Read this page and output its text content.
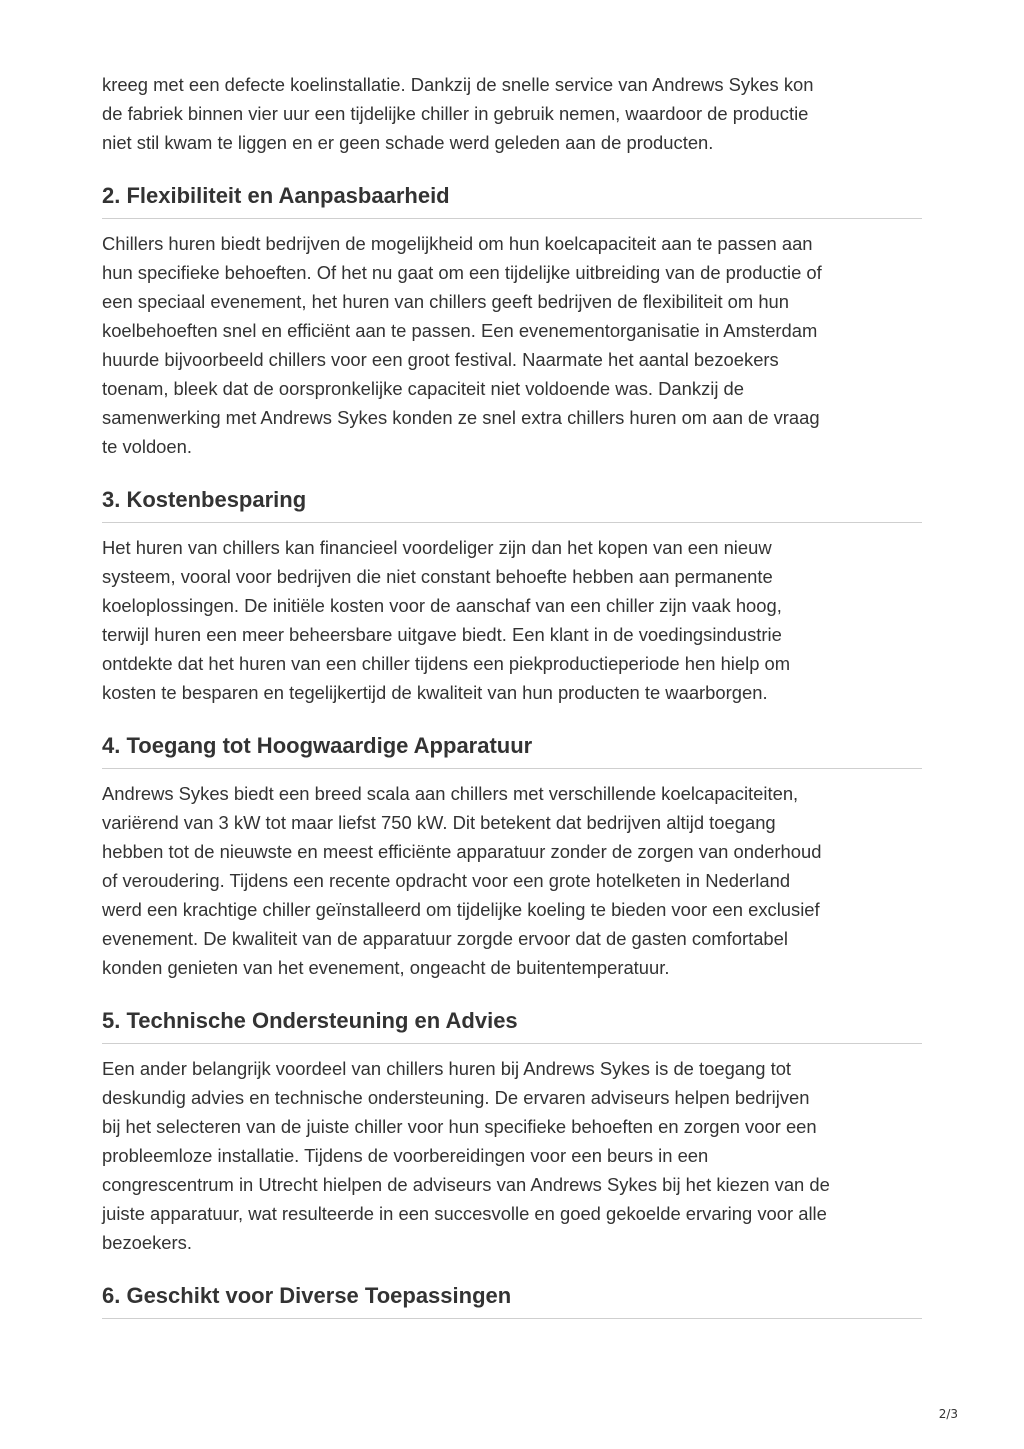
kreeg met een defecte koelinstallatie. Dankzij de snelle service van Andrews Sykes kon
de fabriek binnen vier uur een tijdelijke chiller in gebruik nemen, waardoor de productie
niet stil kwam te liggen en er geen schade werd geleden aan de producten.

2. Flexibiliteit en Aanpasbaarheid

Chillers huren biedt bedrijven de mogelijkheid om hun koelcapaciteit aan te passen aan
hun specifieke behoeften. Of het nu gaat om een tijdelijke uitbreiding van de productie of
een speciaal evenement, het huren van chillers geeft bedrijven de flexibiliteit om hun
koelbehoeften snel en efficiënt aan te passen. Een evenementorganisatie in Amsterdam
huurde bijvoorbeeld chillers voor een groot festival. Naarmate het aantal bezoekers
toenam, bleek dat de oorspronkelijke capaciteit niet voldoende was. Dankzij de
samenwerking met Andrews Sykes konden ze snel extra chillers huren om aan de vraag
te voldoen.

3. Kostenbesparing

Het huren van chillers kan financieel voordeliger zijn dan het kopen van een nieuw
systeem, vooral voor bedrijven die niet constant behoefte hebben aan permanente
koeloplossingen. De initiële kosten voor de aanschaf van een chiller zijn vaak hoog,
terwijl huren een meer beheersbare uitgave biedt. Een klant in de voedingsindustrie
ontdekte dat het huren van een chiller tijdens een piekproductieperiode hen hielp om
kosten te besparen en tegelijkertijd de kwaliteit van hun producten te waarborgen.

4. Toegang tot Hoogwaardige Apparatuur

Andrews Sykes biedt een breed scala aan chillers met verschillende koelcapaciteiten,
variërend van 3 kW tot maar liefst 750 kW. Dit betekent dat bedrijven altijd toegang
hebben tot de nieuwste en meest efficiënte apparatuur zonder de zorgen van onderhoud
of veroudering. Tijdens een recente opdracht voor een grote hotelketen in Nederland
werd een krachtige chiller geïnstalleerd om tijdelijke koeling te bieden voor een exclusief
evenement. De kwaliteit van de apparatuur zorgde ervoor dat de gasten comfortabel
konden genieten van het evenement, ongeacht de buitentemperatuur.

5. Technische Ondersteuning en Advies

Een ander belangrijk voordeel van chillers huren bij Andrews Sykes is de toegang tot
deskundig advies en technische ondersteuning. De ervaren adviseurs helpen bedrijven
bij het selecteren van de juiste chiller voor hun specifieke behoeften en zorgen voor een
probleemloze installatie. Tijdens de voorbereidingen voor een beurs in een
congrescentrum in Utrecht hielpen de adviseurs van Andrews Sykes bij het kiezen van de
juiste apparatuur, wat resulteerde in een succesvolle en goed gekoelde ervaring voor alle
bezoekers.

6. Geschikt voor Diverse Toepassingen
2/3
